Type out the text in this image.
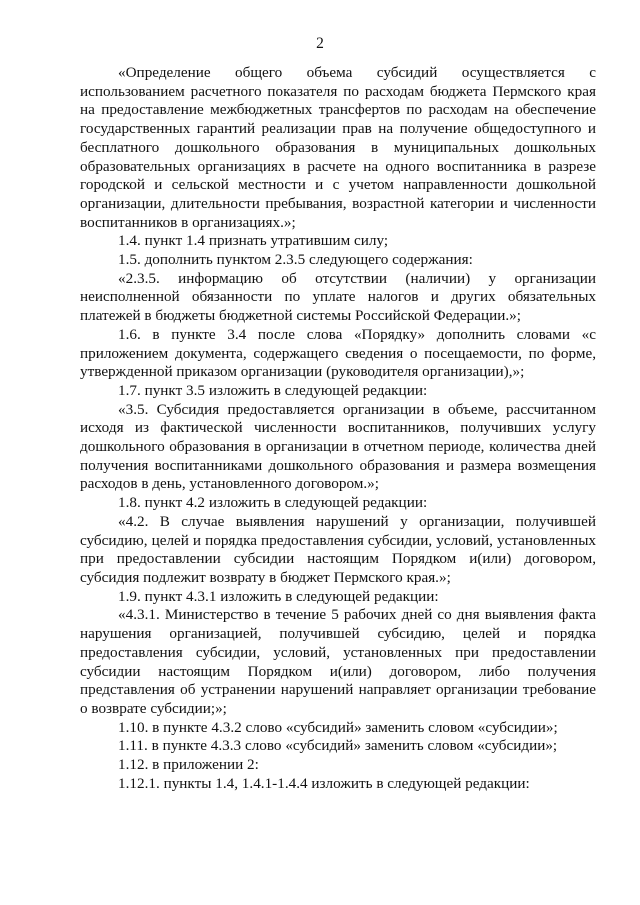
2

«Определение общего объема субсидий осуществляется с использованием расчетного показателя по расходам бюджета Пермского края на предоставление межбюджетных трансфертов по расходам на обеспечение государственных гарантий реализации прав на получение общедоступного и бесплатного дошкольного образования в муниципальных дошкольных образовательных организациях в расчете на одного воспитанника в разрезе городской и сельской местности и с учетом направленности дошкольной организации, длительности пребывания, возрастной категории и численности воспитанников в организациях.»;

1.4. пункт 1.4 признать утратившим силу;

1.5. дополнить пунктом 2.3.5 следующего содержания:

«2.3.5. информацию об отсутствии (наличии) у организации неисполненной обязанности по уплате налогов и других обязательных платежей в бюджеты бюджетной системы Российской Федерации.»;

1.6. в пункте 3.4 после слова «Порядку» дополнить словами «с приложением документа, содержащего сведения о посещаемости, по форме, утвержденной приказом организации (руководителя организации),»;

1.7. пункт 3.5 изложить в следующей редакции:

«3.5. Субсидия предоставляется организации в объеме, рассчитанном исходя из фактической численности воспитанников, получивших услугу дошкольного образования в организации в отчетном периоде, количества дней получения воспитанниками дошкольного образования и размера возмещения расходов в день, установленного договором.»;

1.8. пункт 4.2 изложить в следующей редакции:

«4.2. В случае выявления нарушений у организации, получившей субсидию, целей и порядка предоставления субсидии, условий, установленных при предоставлении субсидии настоящим Порядком и(или) договором, субсидия подлежит возврату в бюджет Пермского края.»;

1.9. пункт 4.3.1 изложить в следующей редакции:

«4.3.1. Министерство в течение 5 рабочих дней со дня выявления факта нарушения организацией, получившей субсидию, целей и порядка предоставления субсидии, условий, установленных при предоставлении субсидии настоящим Порядком и(или) договором, либо получения представления об устранении нарушений направляет организации требование о возврате субсидии;»;

1.10. в пункте 4.3.2 слово «субсидий» заменить словом «субсидии»;

1.11. в пункте 4.3.3 слово «субсидий» заменить словом «субсидии»;

1.12. в приложении 2:

1.12.1. пункты 1.4, 1.4.1-1.4.4 изложить в следующей редакции:
